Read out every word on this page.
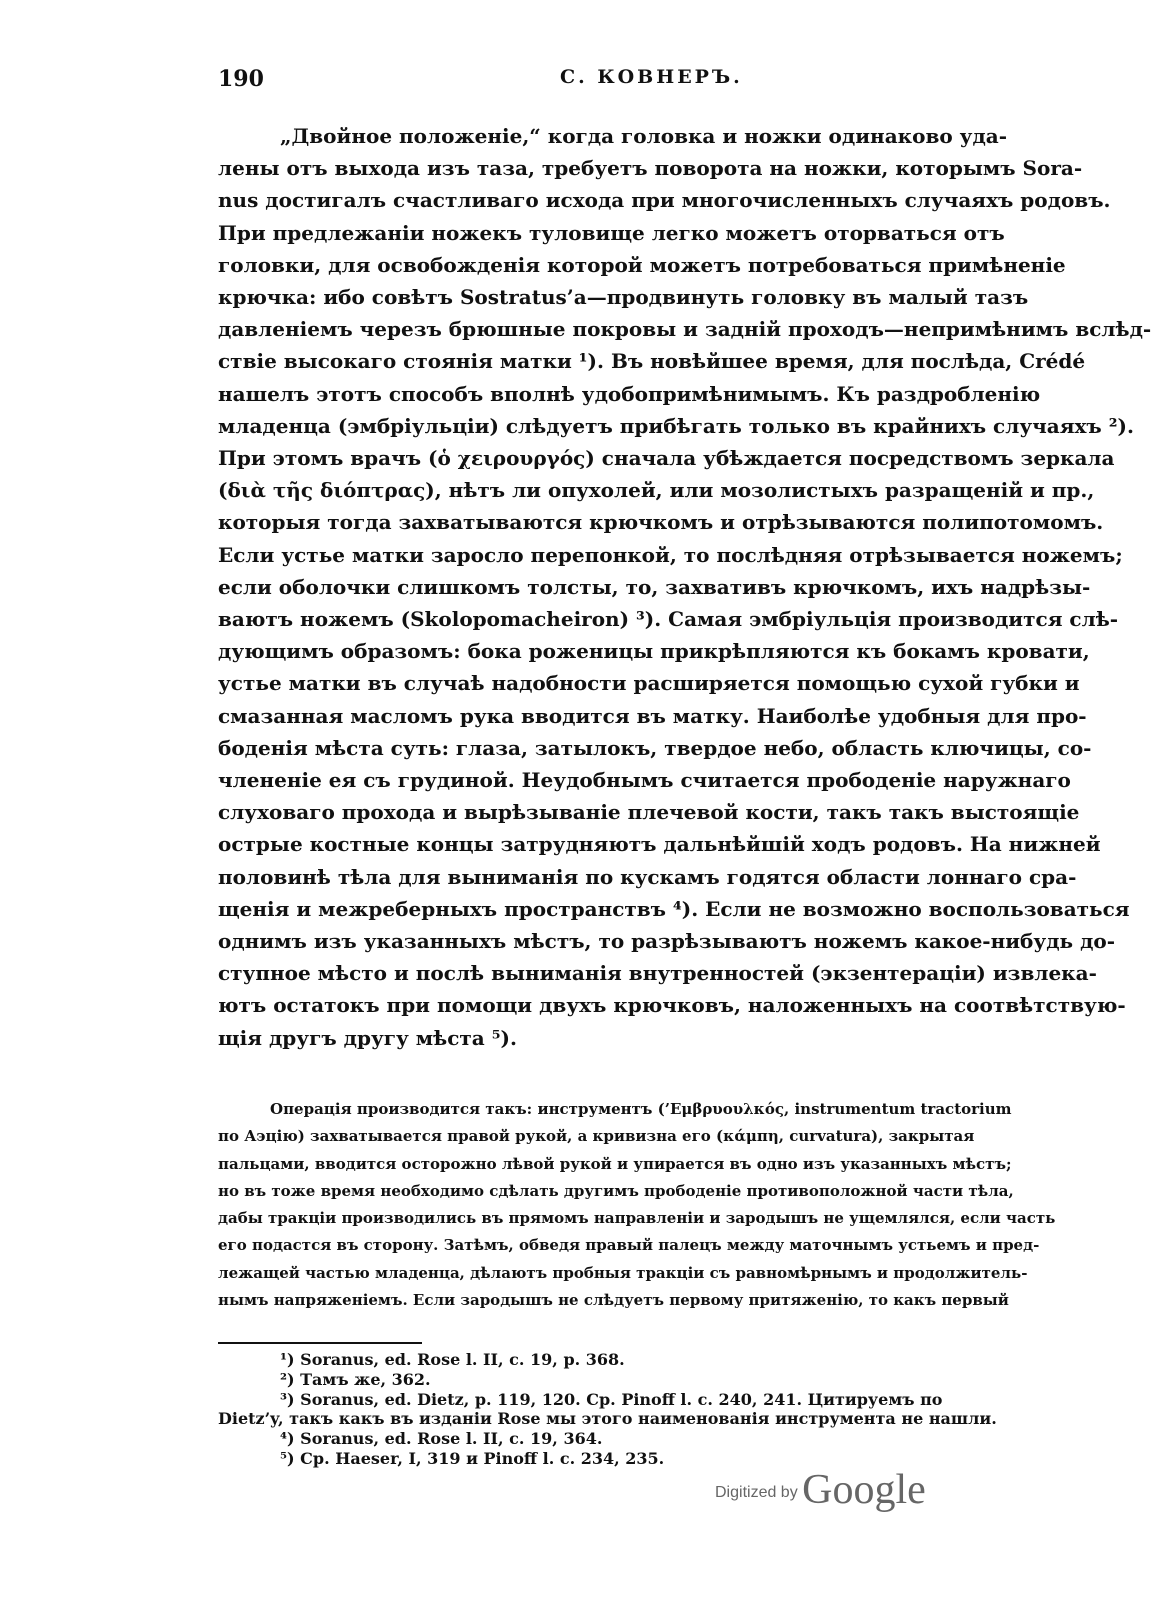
190	С. КОВНЕРЪ.
„Двойное положеніе,“ когда головка и ножки одинаково уда-
лены отъ выхода изъ таза, требуетъ поворота на ножки, которымъ Sora-
nus достигалъ счастливаго исхода при многочисленныхъ случаяхъ родовъ.
При предлежаніи ножекъ туловище легко можетъ оторваться отъ
головки, для освобожденія которой можетъ потребоваться примѣненіе
крючка: ибо совѣтъ Sostratus’a—продвинуть головку въ малый тазъ
давленіемъ черезъ брюшные покровы и задній проходъ—непримѣнимъ вслѣд-
ствіе высокаго стоянія матки ¹). Въ новѣйшее время, для послѣда, Crédé
нашелъ этотъ способъ вполнѣ удобопримѣнимымъ. Къ раздробленію
младенца (эмбріульціи) слѣдуетъ прибѣгать только въ крайнихъ случаяхъ ²).
При этомъ врачъ (ὁ χειρουργός) сначала убѣждается посредствомъ зеркала
(διὰ τῆς διόπτρας), нѣтъ ли опухолей, или мозолистыхъ разращеній и пр.,
которыя тогда захватываются крючкомъ и отрѣзываются полипотомомъ.
Если устье матки заросло перепонкой, то послѣдняя отрѣзывается ножемъ;
если оболочки слишкомъ толсты, то, захвативъ крючкомъ, ихъ надрѣзы-
ваютъ ножемъ (Skolopomacheiron) ³). Самая эмбріульція производится слѣ-
дующимъ образомъ: бока роженицы прикрѣпляются къ бокамъ кровати,
устье матки въ случаѣ надобности расширяется помощью сухой губки и
смазанная масломъ рука вводится въ матку. Наиболѣе удобныя для про-
боденія мѣста суть: глаза, затылокъ, твердое небо, область ключицы, со-
члененіе ея съ грудиной. Неудобнымъ считается прободеніе наружнаго
слуховаго прохода и вырѣзываніе плечевой кости, такъ такъ выстоящіе
острые костные концы затрудняютъ дальнѣйшій ходъ родовъ. На нижней
половинѣ тѣла для выниманія по кускамъ годятся области лоннаго сра-
щенія и межреберныхъ пространствъ ⁴). Если не возможно воспользоваться
однимъ изъ указанныхъ мѣстъ, то разрѣзываютъ ножемъ какое-нибудь до-
ступное мѣсто и послѣ выниманія внутренностей (экзентераціи) извлека-
ютъ остатокъ при помощи двухъ крючковъ, наложенныхъ на соотвѣтствую-
щія другъ другу мѣста ⁵).
Операція производится такъ: инструментъ (’Εμβρυουλκός, instrumentum tractorium
по Аэцію) захватывается правой рукой, а кривизна его (κάμπη, curvatura), закрытая
пальцами, вводится осторожно лѣвой рукой и упирается въ одно изъ указанныхъ мѣстъ;
но въ тоже время необходимо сдѣлать другимъ прободеніе противоположной части тѣла,
дабы тракціи производились въ прямомъ направленіи и зародышъ не ущемлялся, если часть
его подастся въ сторону. Затѣмъ, обведя правый палецъ между маточнымъ устьемъ и пред-
лежащей частью младенца, дѣлаютъ пробныя тракціи съ равномѣрнымъ и продолжитель-
нымъ напряженіемъ. Если зародышъ не слѣдуетъ первому притяженію, то какъ первый
¹) Soranus, ed. Rose l. II, c. 19, p. 368.
²) Тамъ же, 362.
³) Soranus, ed. Dietz, p. 119, 120. Cp. Pinoff l. c. 240, 241. Цитируемъ по
Dietz’y, такъ какъ въ изданіи Rose мы этого наименованія инструмента не нашли.
⁴) Soranus, ed. Rose l. II, c. 19, 364.
⁵) Cp. Haeser, I, 319 и Pinoff l. c. 234, 235.
Digitized by Google
